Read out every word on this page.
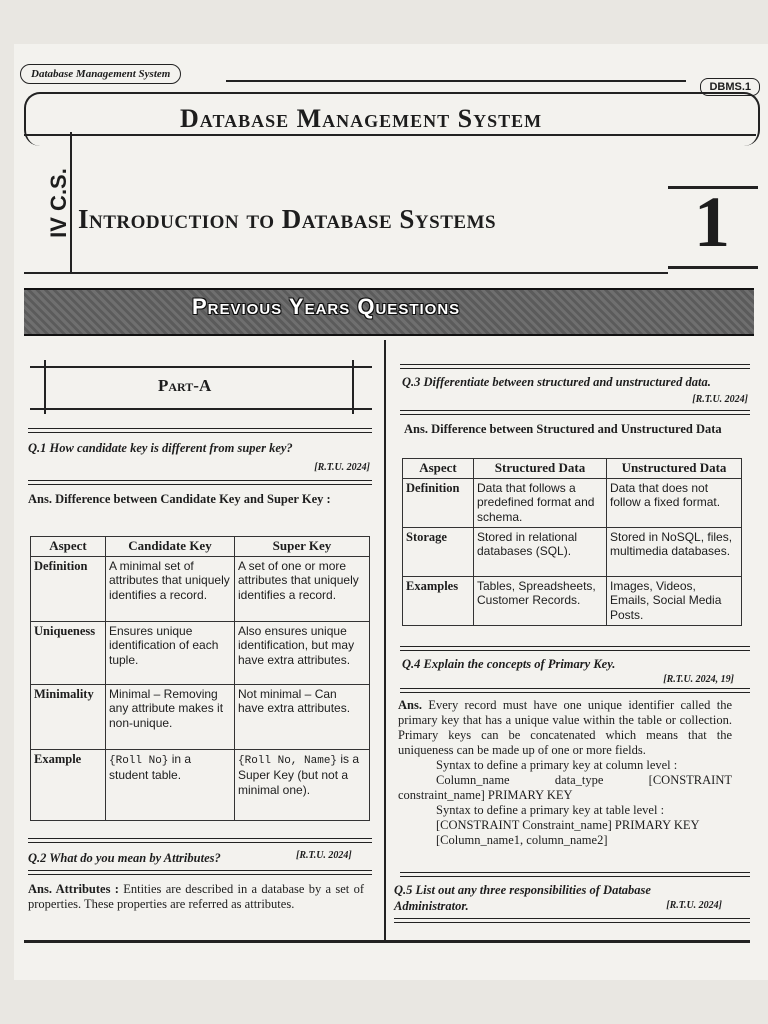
Database Management System
DBMS.1
Database Management System
IV C.S. Introduction to Database Systems	1
Previous Years Questions
Part-A
Q.1 How candidate key is different from super key?
[R.T.U. 2024]
Ans. Difference between Candidate Key and Super Key :
Aspect	Candidate Key	Super Key
Definition	A minimal set of attributes that uniquely identifies a record.	A set of one or more attributes that uniquely identifies a record.
Uniqueness	Ensures unique identification of each tuple.	Also ensures unique identification, but may have extra attributes.
Minimality	Minimal – Removing any attribute makes it non-unique.	Not minimal – Can have extra attributes.
Example	{Roll No} in a student table.	{Roll No, Name} is a Super Key (but not a minimal one).
Q.2 What do you mean by Attributes?	[R.T.U. 2024]
Ans. Attributes : Entities are described in a database by a set of properties. These properties are referred as attributes.
Q.3 Differentiate between structured and unstructured data.
[R.T.U. 2024]
Ans. Difference between Structured and Unstructured Data
Aspect	Structured Data	Unstructured Data
Definition	Data that follows a predefined format and schema.	Data that does not follow a fixed format.
Storage	Stored in relational databases (SQL).	Stored in NoSQL, files, multimedia databases.
Examples	Tables, Spreadsheets, Customer Records.	Images, Videos, Emails, Social Media Posts.
Q.4 Explain the concepts of Primary Key.
[R.T.U. 2024, 19]

Ans. Every record must have one unique identifier called the primary key that has a unique value within the table or collection. Primary keys can be concatenated which means that the uniqueness can be made up of one or more fields.

Syntax to define a primary key at column level :

Column_name data_type [CONSTRAINT constraint_name] PRIMARY KEY

Syntax to define a primary key at table level :

[CONSTRAINT Constraint_name] PRIMARY KEY

[Column_name1, column_name2]

Q.5 List out any three responsibilities of Database Administrator.	[R.T.U. 2024]
